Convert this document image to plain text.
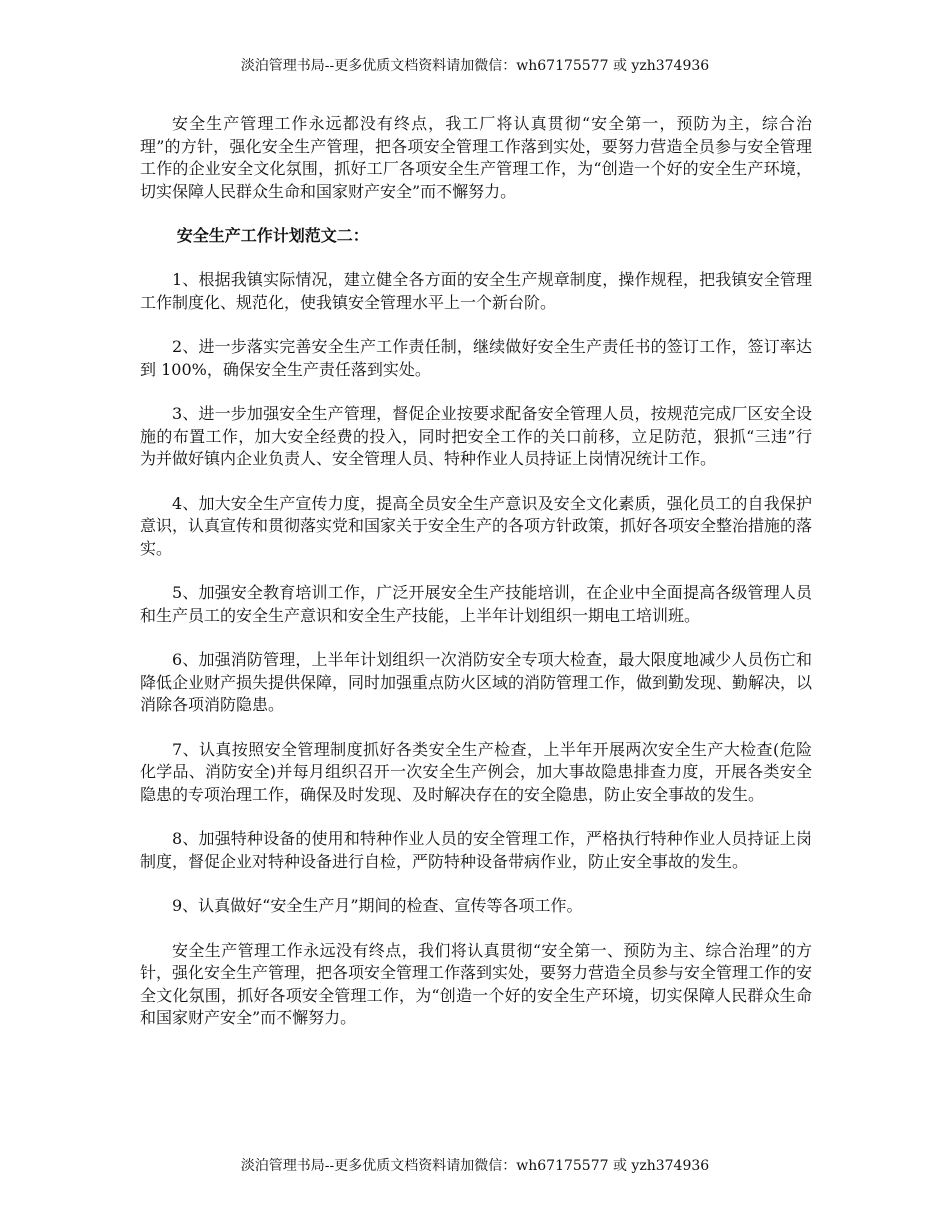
淡泊管理书局--更多优质文档资料请加微信：wh67175577 或 yzh374936

安全生产管理工作永远都没有终点，我工厂将认真贯彻“安全第一，预防为主，综合治理”的方针，强化安全生产管理，把各项安全管理工作落到实处，要努力营造全员参与安全管理工作的企业安全文化氛围，抓好工厂各项安全生产管理工作，为“创造一个好的安全生产环境，切实保障人民群众生命和国家财产安全”而不懈努力。

安全生产工作计划范文二：

1、根据我镇实际情况，建立健全各方面的安全生产规章制度，操作规程，把我镇安全管理工作制度化、规范化，使我镇安全管理水平上一个新台阶。

2、进一步落实完善安全生产工作责任制，继续做好安全生产责任书的签订工作，签订率达到 100%，确保安全生产责任落到实处。

3、进一步加强安全生产管理，督促企业按要求配备安全管理人员，按规范完成厂区安全设施的布置工作，加大安全经费的投入，同时把安全工作的关口前移，立足防范，狠抓“三违”行为并做好镇内企业负责人、安全管理人员、特种作业人员持证上岗情况统计工作。

4、加大安全生产宣传力度，提高全员安全生产意识及安全文化素质，强化员工的自我保护意识，认真宣传和贯彻落实党和国家关于安全生产的各项方针政策，抓好各项安全整治措施的落实。

5、加强安全教育培训工作，广泛开展安全生产技能培训，在企业中全面提高各级管理人员和生产员工的安全生产意识和安全生产技能，上半年计划组织一期电工培训班。

6、加强消防管理，上半年计划组织一次消防安全专项大检查，最大限度地减少人员伤亡和降低企业财产损失提供保障，同时加强重点防火区域的消防管理工作，做到勤发现、勤解决，以消除各项消防隐患。

7、认真按照安全管理制度抓好各类安全生产检查，上半年开展两次安全生产大检查(危险化学品、消防安全)并每月组织召开一次安全生产例会，加大事故隐患排查力度，开展各类安全隐患的专项治理工作，确保及时发现、及时解决存在的安全隐患，防止安全事故的发生。

8、加强特种设备的使用和特种作业人员的安全管理工作，严格执行特种作业人员持证上岗制度，督促企业对特种设备进行自检，严防特种设备带病作业，防止安全事故的发生。

9、认真做好“安全生产月”期间的检查、宣传等各项工作。

安全生产管理工作永远没有终点，我们将认真贯彻“安全第一、预防为主、综合治理”的方针，强化安全生产管理，把各项安全管理工作落到实处，要努力营造全员参与安全管理工作的安全文化氛围，抓好各项安全管理工作，为“创造一个好的安全生产环境，切实保障人民群众生命和国家财产安全”而不懈努力。

淡泊管理书局--更多优质文档资料请加微信：wh67175577 或 yzh374936
